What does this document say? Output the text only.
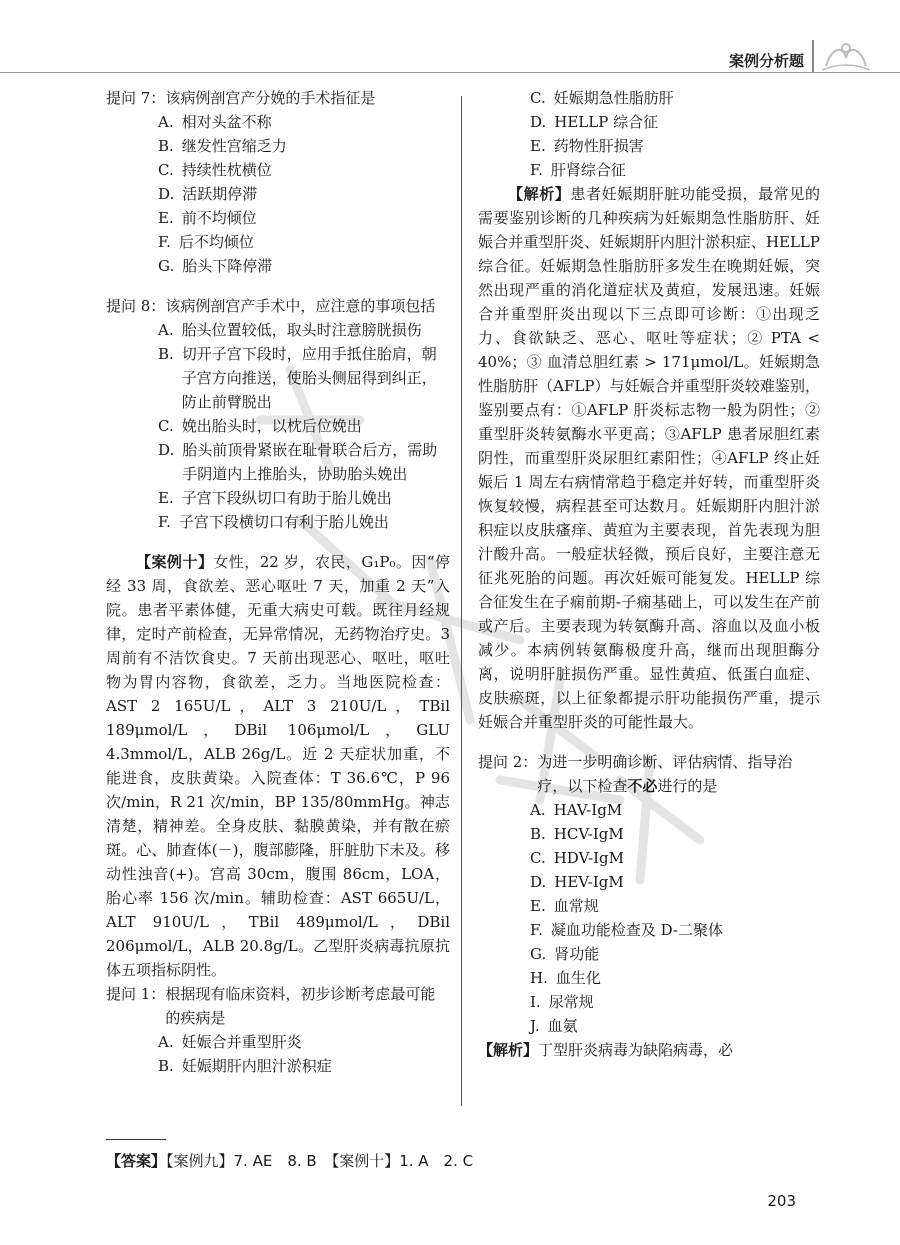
案例分析题
提问 7： 该病例剖宫产分娩的手术指征是
A. 相对头盆不称
B. 继发性宫缩乏力
C. 持续性枕横位
D. 活跃期停滞
E. 前不均倾位
F. 后不均倾位
G. 胎头下降停滞
提问 8： 该病例剖宫产手术中，应注意的事项包括
A. 胎头位置较低，取头时注意膀胱损伤
B. 切开子宫下段时，应用手抵住胎肩，朝子宫方向推送，使胎头侧屈得到纠正，防止前臂脱出
C. 娩出胎头时，以枕后位娩出
D. 胎头前顶骨紧嵌在耻骨联合后方，需助手阴道内上推胎头，协助胎头娩出
E. 子宫下段纵切口有助于胎儿娩出
F. 子宫下段横切口有利于胎儿娩出

【案例十】女性，22 岁，农民，G₁P₀。因“停经 33 周，食欲差、恶心呕吐 7 天，加重 2 天”入院。患者平素体健，无重大病史可载。既往月经规律，定时产前检查，无异常情况，无药物治疗史。3 周前有不洁饮食史。7 天前出现恶心、呕吐，呕吐物为胃内容物，食欲差，乏力。当地医院检查：AST 2 165U/L，ALT 3 210U/L，TBil 189μmol/L，DBil 106μmol/L，GLU 4.3mmol/L，ALB 26g/L。近 2 天症状加重，不能进食，皮肤黄染。入院查体：T 36.6℃，P 96 次/min，R 21 次/min，BP 135/80mmHg。神志清楚，精神差。全身皮肤、黏膜黄染，并有散在瘀斑。心、肺查体(－)，腹部膨隆，肝脏肋下未及。移动性浊音(+)。宫高 30cm，腹围 86cm，LOA，胎心率 156 次/min。辅助检查：AST 665U/L，ALT 910U/L，TBil 489μmol/L，DBil 206μmol/L，ALB 20.8g/L。乙型肝炎病毒抗原抗体五项指标阴性。

提问 1： 根据现有临床资料，初步诊断考虑最可能的疾病是
A. 妊娠合并重型肝炎
B. 妊娠期肝内胆汁淤积症
C. 妊娠期急性脂肪肝
D. HELLP 综合征
E. 药物性肝损害
F. 肝肾综合征

【解析】患者妊娠期肝脏功能受损，最常见的需要鉴别诊断的几种疾病为妊娠期急性脂肪肝、妊娠合并重型肝炎、妊娠期肝内胆汁淤积症、HELLP 综合征。妊娠期急性脂肪肝多发生在晚期妊娠，突然出现严重的消化道症状及黄疸，发展迅速。妊娠合并重型肝炎出现以下三点即可诊断：①出现乏力、食欲缺乏、恶心、呕吐等症状；② PTA < 40%；③ 血清总胆红素 > 171μmol/L。妊娠期急性脂肪肝（AFLP）与妊娠合并重型肝炎较难鉴别，鉴别要点有：①AFLP 肝炎标志物一般为阴性；②重型肝炎转氨酶水平更高；③AFLP 患者尿胆红素阴性，而重型肝炎尿胆红素阳性；④AFLP 终止妊娠后 1 周左右病情常趋于稳定并好转，而重型肝炎恢复较慢，病程甚至可达数月。妊娠期肝内胆汁淤积症以皮肤瘙痒、黄疸为主要表现，首先表现为胆汁酸升高。一般症状轻微，预后良好，主要注意无征兆死胎的问题。再次妊娠可能复发。HELLP 综合征发生在子痫前期-子痫基础上，可以发生在产前或产后。主要表现为转氨酶升高、溶血以及血小板减少。本病例转氨酶极度升高，继而出现胆酶分离，说明肝脏损伤严重。显性黄疸、低蛋白血症、皮肤瘀斑，以上征象都提示肝功能损伤严重，提示妊娠合并重型肝炎的可能性最大。

提问 2： 为进一步明确诊断、评估病情、指导治疗，以下检查不必进行的是
A. HAV-IgM
B. HCV-IgM
C. HDV-IgM
D. HEV-IgM
E. 血常规
F. 凝血功能检查及 D-二聚体
G. 肾功能
H. 血生化
I. 尿常规
J. 血氨

【解析】丁型肝炎病毒为缺陷病毒，必

【答案】【案例九】7. AE　8. B　【案例十】1. A　2. C
203
